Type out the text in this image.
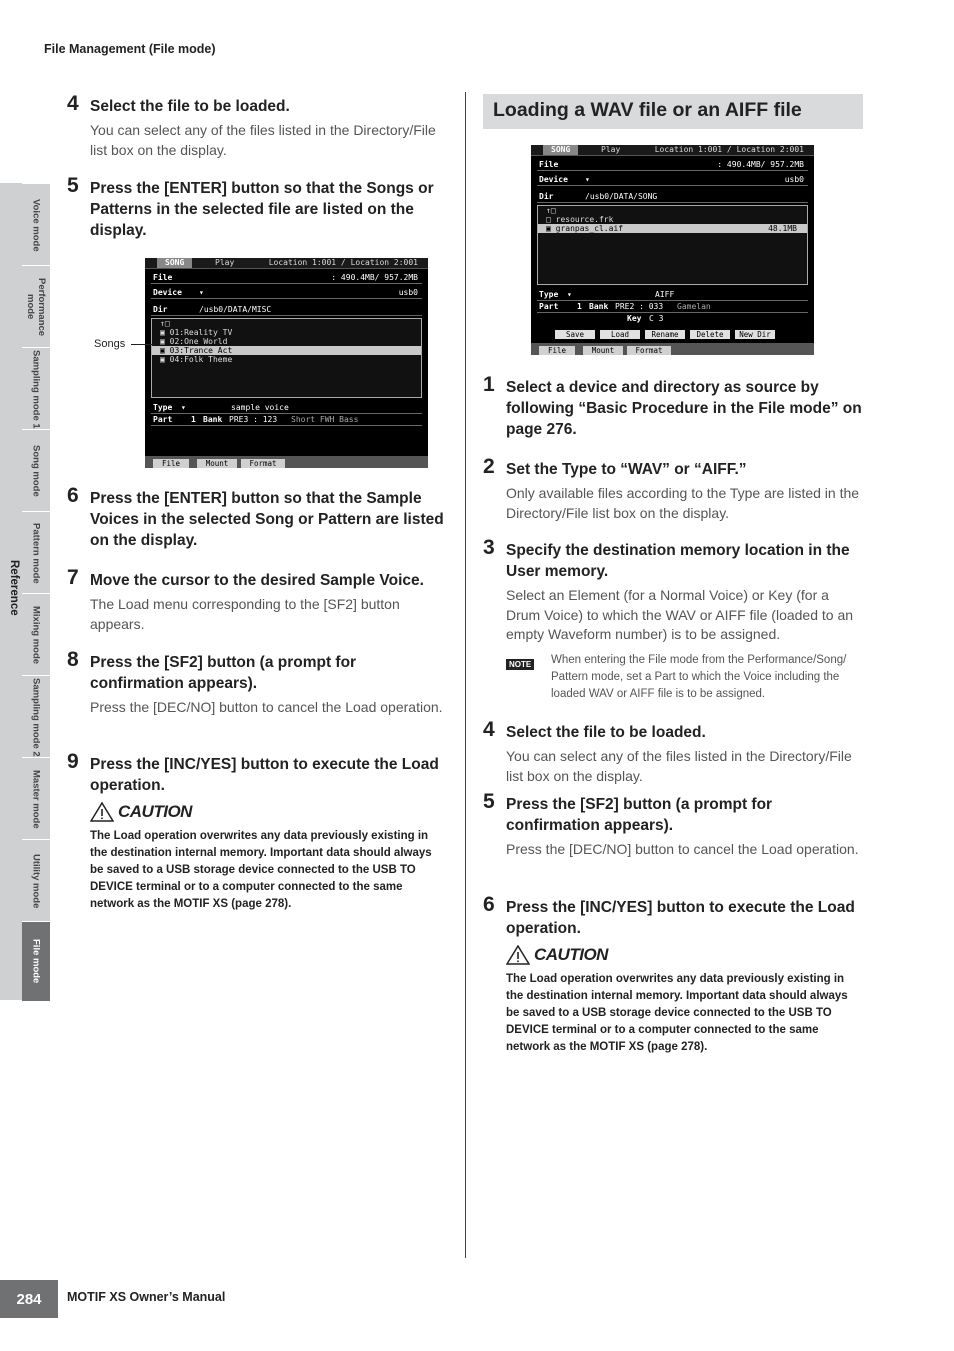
File Management (File mode)
Voice mode
Performance mode
Sampling mode 1
Song mode
Pattern mode
Mixing mode
Sampling mode 2
Master mode
Utility mode
File mode
Reference
4 Select the file to be loaded.
You can select any of the files listed in the Directory/File list box on the display.
5 Press the [ENTER] button so that the Songs or Patterns in the selected file are listed on the display.
SONG	Play	Location 1:001 / Location 2:001
File	: 490.4MB/ 957.2MB
Device ▾	usb0
Dir	/usb0/DATA/MISC
↑□
▣ 01:Reality TV
▣ 02:One World
▣ 03:Trance Act
▣ 04:Folk Theme
Type ▾	sample voice
Part 1 Bank PRE3 : 123 Short FWH Bass
File	Mount	Format
Songs
6 Press the [ENTER] button so that the Sample Voices in the selected Song or Pattern are listed on the display.
7 Move the cursor to the desired Sample Voice.
The Load menu corresponding to the [SF2] button appears.
8 Press the [SF2] button (a prompt for confirmation appears).
Press the [DEC/NO] button to cancel the Load operation.
9 Press the [INC/YES] button to execute the Load operation.
CAUTION
The Load operation overwrites any data previously existing in the destination internal memory. Important data should always be saved to a USB storage device connected to the USB TO DEVICE terminal or to a computer connected to the same network as the MOTIF XS (page 278).
Loading a WAV file or an AIFF file
SONG	Play	Location 1:001 / Location 2:001
File	: 490.4MB/ 957.2MB
Device ▾	usb0
Dir	/usb0/DATA/SONG
↑□
□ resource.frk
▣ granpas_cl.aif	48.1MB
Type ▾	AIFF
Part 1 Bank PRE2 : 033 Gamelan
Key C 3
Save	Load	Rename	Delete	New Dir
File	Mount	Format
1 Select a device and directory as source by following “Basic Procedure in the File mode” on page 276.
2 Set the Type to “WAV” or “AIFF.”
Only available files according to the Type are listed in the Directory/File list box on the display.
3 Specify the destination memory location in the User memory.
Select an Element (for a Normal Voice) or Key (for a Drum Voice) to which the WAV or AIFF file (loaded to an empty Waveform number) is to be assigned.
NOTE When entering the File mode from the Performance/Song/ Pattern mode, set a Part to which the Voice including the loaded WAV or AIFF file is to be assigned.
4 Select the file to be loaded.
You can select any of the files listed in the Directory/File list box on the display.
5 Press the [SF2] button (a prompt for confirmation appears).
Press the [DEC/NO] button to cancel the Load operation.
6 Press the [INC/YES] button to execute the Load operation.
CAUTION
The Load operation overwrites any data previously existing in the destination internal memory. Important data should always be saved to a USB storage device connected to the USB TO DEVICE terminal or to a computer connected to the same network as the MOTIF XS (page 278).
284	MOTIF XS Owner’s Manual
